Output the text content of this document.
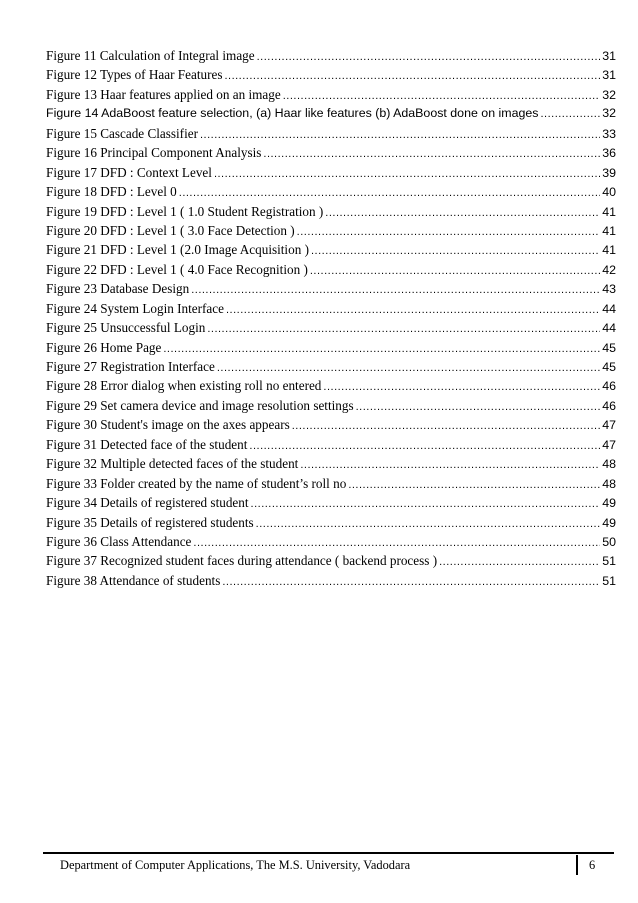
Figure 11 Calculation of Integral image .....	31
Figure 12 Types of Haar Features .....	31
Figure 13 Haar features applied on an image .....	32
Figure 14 AdaBoost feature selection, (a) Haar like features (b) AdaBoost done on images .....	32
Figure 15 Cascade Classifier .....	33
Figure 16 Principal Component Analysis .....	36
Figure 17 DFD : Context Level .....	39
Figure 18 DFD : Level 0 .....	40
Figure 19 DFD : Level 1 ( 1.0 Student Registration ) .....	41
Figure 20 DFD : Level 1 ( 3.0 Face Detection ) .....	41
Figure 21 DFD : Level 1 (2.0 Image Acquisition ) .....	41
Figure 22 DFD : Level 1 ( 4.0 Face Recognition ) .....	42
Figure 23 Database Design .....	43
Figure 24 System Login Interface .....	44
Figure 25 Unsuccessful Login .....	44
Figure 26 Home Page .....	45
Figure 27 Registration Interface .....	45
Figure 28 Error dialog when existing roll no entered .....	46
Figure 29 Set camera device and image resolution settings .....	46
Figure 30 Student's image on the axes appears .....	47
Figure 31 Detected face of the student .....	47
Figure 32 Multiple detected faces of the student .....	48
Figure 33 Folder created by the name of student’s roll no .....	48
Figure 34 Details of registered student .....	49
Figure 35 Details of registered students .....	49
Figure 36 Class Attendance .....	50
Figure 37 Recognized student faces during attendance ( backend process ) .....	51
Figure 38 Attendance of students .....	51
Department of Computer Applications, The M.S. University, Vadodara	6
